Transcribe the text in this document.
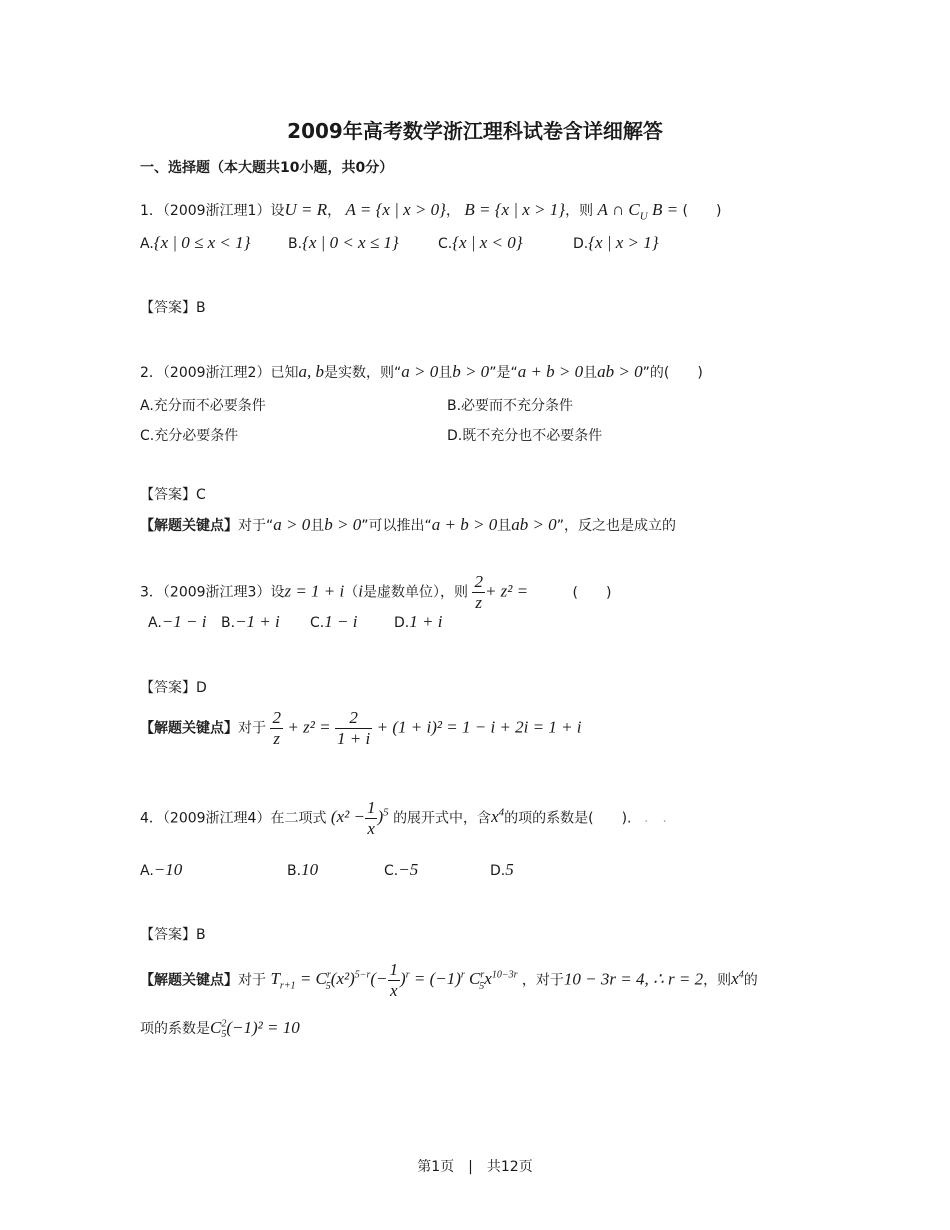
2009年高考数学浙江理科试卷含详细解答
一、选择题（本大题共10小题，共0分）
1．（2009浙江理1）设U = R， A = {x | x > 0}， B = {x | x > 1}，则 A ∩ $C_U$ B = (　　)
A.{x | 0 ≤ x < 1}	B.{x | 0 < x ≤ 1}	C.{x | x < 0}	D.{x | x > 1}
【答案】B
2．（2009浙江理2）已知a, b是实数，则“a > 0且b > 0”是“a + b > 0且ab > 0”的(　　)
A.充分而不必要条件	B.必要而不充分条件
C.充分必要条件	D.既不充分也不必要条件
【答案】C
【解题关键点】对于“a > 0且b > 0”可以推出“a + b > 0且ab > 0”，反之也是成立的
3．（2009浙江理3）设z = 1 + i（i是虚数单位），则 $\frac{2}{z} + z^2$ =	(　　)
A.−1 − i B.−1 + i C.1 − i	D.1 + i
【答案】D
【解题关键点】对于 $\frac{2}{z} + z^2 = \frac{2}{1 + i} + (1 + i)^2 = 1 - i + 2i = 1 + i$
4．（2009浙江理4）在二项式 $(x^2 - \frac{1}{x} )^5$ 的展开式中，含$x^4$的项的系数是(　　). .　.
A.−10	B.10	C.−5	D.5
【答案】B
【解题关键点】对于 $T_{r+1} = C^r_5(x^2)^{5-r}(- \frac{1}{x} )^r = (-1)^r$ $C^r_5x^{10-3r}$ ，对于10 − 3r = 4, ∴ r = 2，则$x^4$的
项的系数是$C^2_5(-1)^2 = 10$
第1页　|　共12页
